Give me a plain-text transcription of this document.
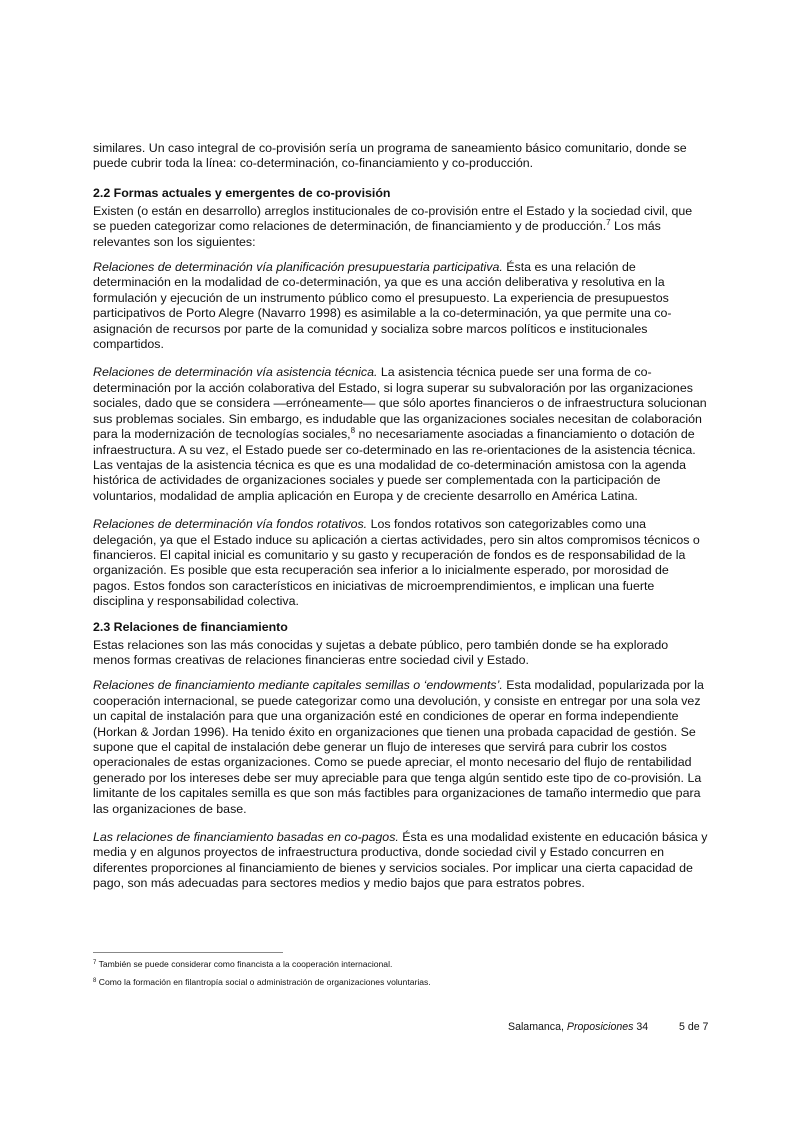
similares. Un caso integral de co-provisión sería un programa de saneamiento básico comunitario, donde se puede cubrir toda la línea: co-determinación, co-financiamiento y co-producción.

2.2 Formas actuales y emergentes de co-provisión

Existen (o están en desarrollo) arreglos institucionales de co-provisión entre el Estado y la sociedad civil, que se pueden categorizar como relaciones de determinación, de financiamiento y de producción.$^7$ Los más relevantes son los siguientes:

Relaciones de determinación vía planificación presupuestaria participativa. Ésta es una relación de determinación en la modalidad de co-determinación, ya que es una acción deliberativa y resolutiva en la formulación y ejecución de un instrumento público como el presupuesto. La experiencia de presupuestos participativos de Porto Alegre (Navarro 1998) es asimilable a la co-determinación, ya que permite una co-asignación de recursos por parte de la comunidad y socializa sobre marcos políticos e institucionales compartidos.

Relaciones de determinación vía asistencia técnica. La asistencia técnica puede ser una forma de co-determinación por la acción colaborativa del Estado, si logra superar su subvaloración por las organizaciones sociales, dado que se considera —erróneamente— que sólo aportes financieros o de infraestructura solucionan sus problemas sociales. Sin embargo, es indudable que las organizaciones sociales necesitan de colaboración para la modernización de tecnologías sociales,$^8$ no necesariamente asociadas a financiamiento o dotación de infraestructura. A su vez, el Estado puede ser co-determinado en las re-orientaciones de la asistencia técnica. Las ventajas de la asistencia técnica es que es una modalidad de co-determinación amistosa con la agenda histórica de actividades de organizaciones sociales y puede ser complementada con la participación de voluntarios, modalidad de amplia aplicación en Europa y de creciente desarrollo en América Latina.

Relaciones de determinación vía fondos rotativos. Los fondos rotativos son categorizables como una delegación, ya que el Estado induce su aplicación a ciertas actividades, pero sin altos compromisos técnicos o financieros. El capital inicial es comunitario y su gasto y recuperación de fondos es de responsabilidad de la organización. Es posible que esta recuperación sea inferior a lo inicialmente esperado, por morosidad de pagos. Estos fondos son característicos en iniciativas de microemprendimientos, e implican una fuerte disciplina y responsabilidad colectiva.

2.3 Relaciones de financiamiento

Estas relaciones son las más conocidas y sujetas a debate público, pero también donde se ha explorado menos formas creativas de relaciones financieras entre sociedad civil y Estado.

Relaciones de financiamiento mediante capitales semillas o ‘endowments’. Esta modalidad, popularizada por la cooperación internacional, se puede categorizar como una devolución, y consiste en entregar por una sola vez un capital de instalación para que una organización esté en condiciones de operar en forma independiente (Horkan & Jordan 1996). Ha tenido éxito en organizaciones que tienen una probada capacidad de gestión. Se supone que el capital de instalación debe generar un flujo de intereses que servirá para cubrir los costos operacionales de estas organizaciones. Como se puede apreciar, el monto necesario del flujo de rentabilidad generado por los intereses debe ser muy apreciable para que tenga algún sentido este tipo de co-provisión. La limitante de los capitales semilla es que son más factibles para organizaciones de tamaño intermedio que para las organizaciones de base.

Las relaciones de financiamiento basadas en co-pagos. Ésta es una modalidad existente en educación básica y media y en algunos proyectos de infraestructura productiva, donde sociedad civil y Estado concurren en diferentes proporciones al financiamiento de bienes y servicios sociales. Por implicar una cierta capacidad de pago, son más adecuadas para sectores medios y medio bajos que para estratos pobres.

$^7$ También se puede considerar como financista a la cooperación internacional.

$^8$ Como la formación en filantropía social o administración de organizaciones voluntarias.

Salamanca, Proposiciones 34	5 de 7
